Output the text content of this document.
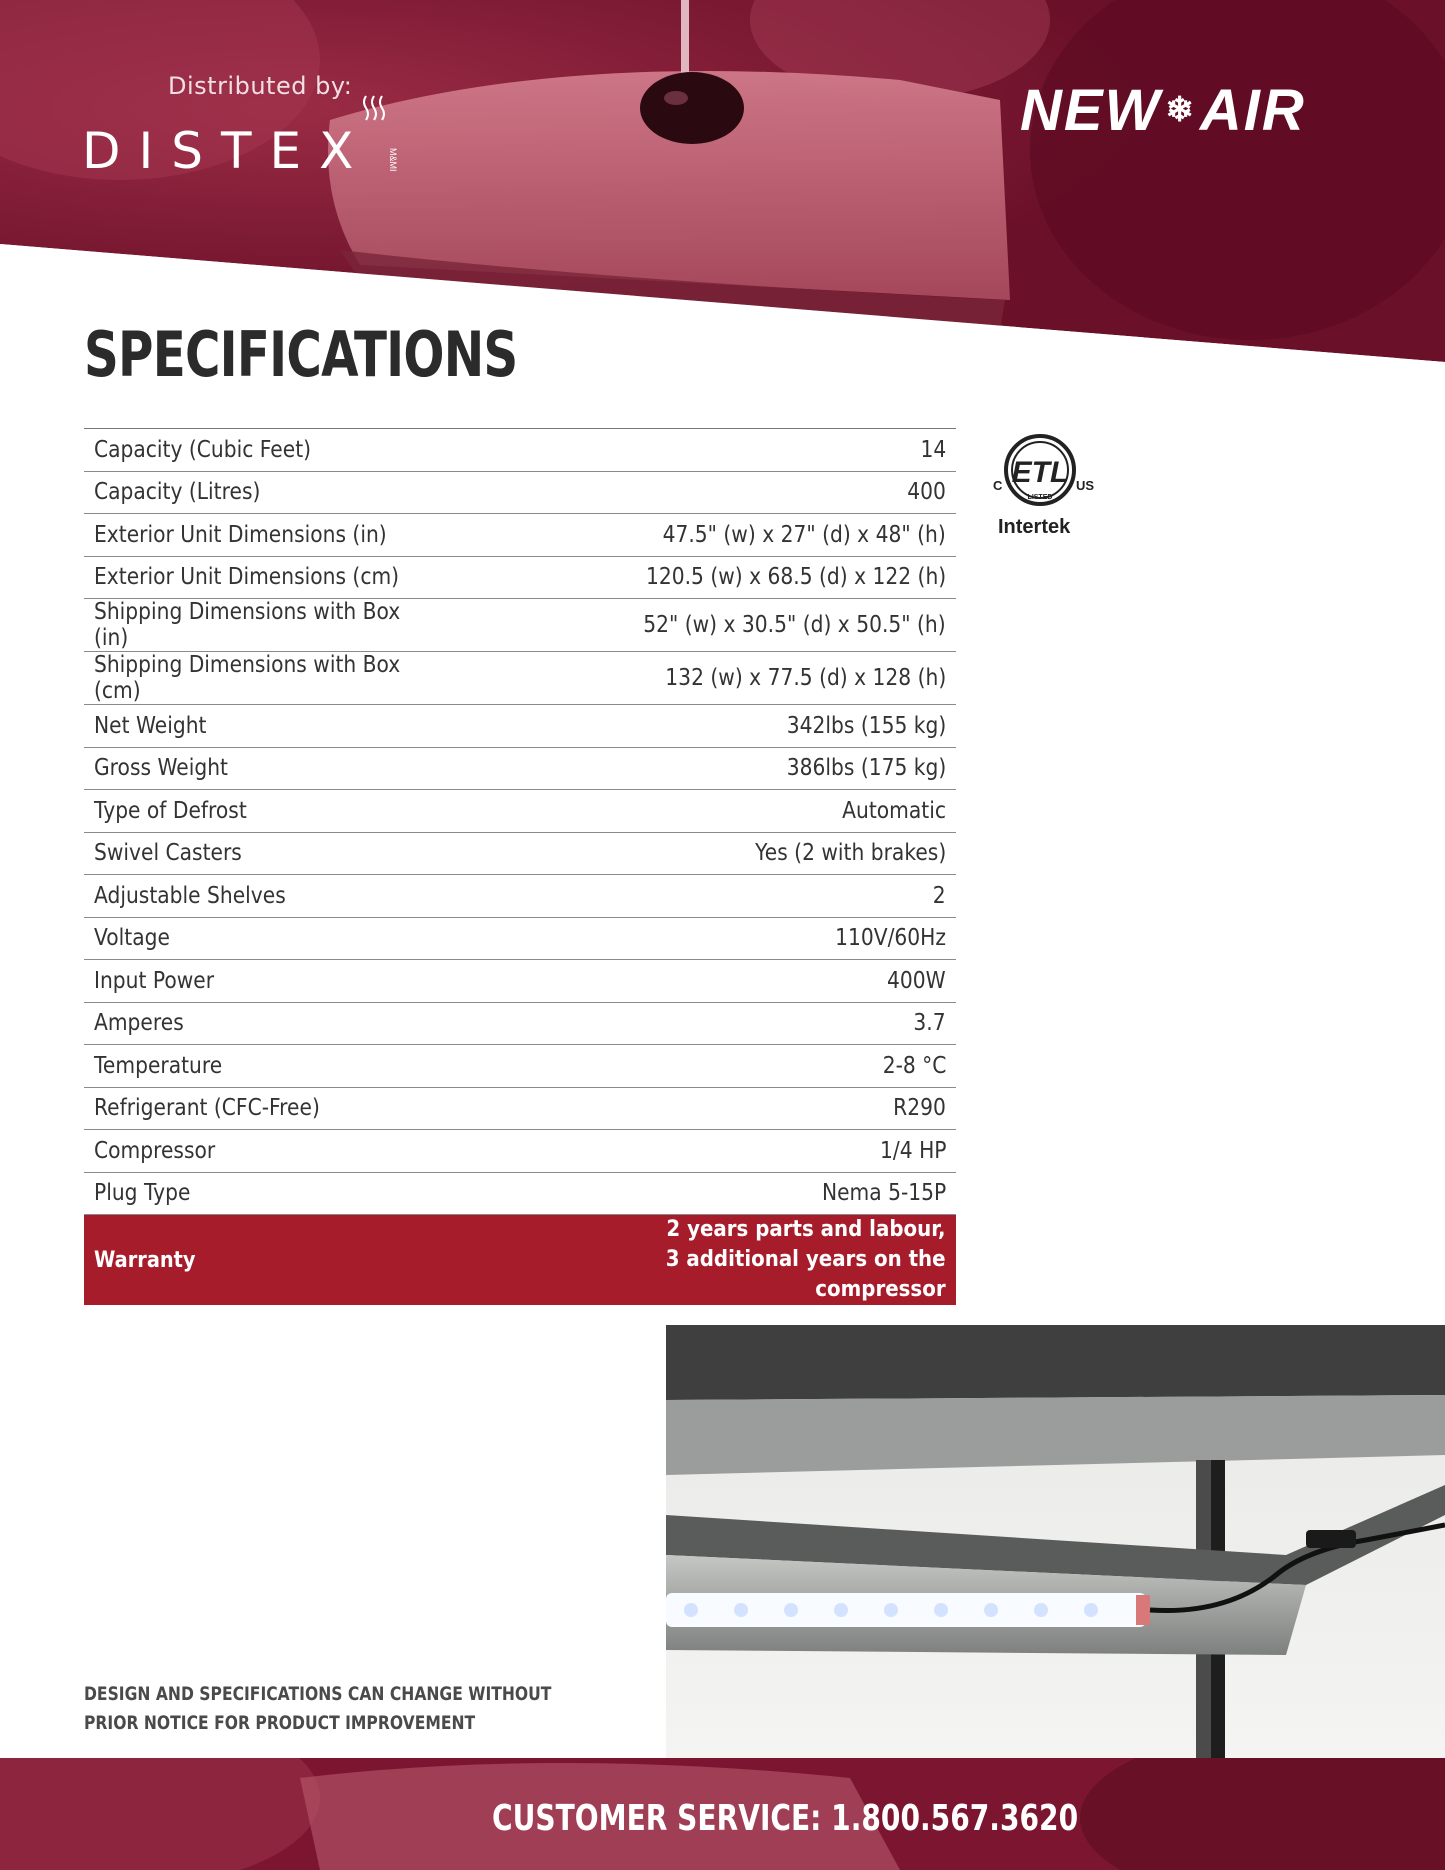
Distributed by:
DISTEX M&MI
NEW ❄ AIR
SPECIFICATIONS
Capacity (Cubic Feet)	14
Capacity (Litres)	400
Exterior Unit Dimensions (in)	47.5" (w) x 27" (d) x 48" (h)
Exterior Unit Dimensions (cm)	120.5 (w) x 68.5 (d) x 122 (h)
Shipping Dimensions with Box (in)	52" (w) x 30.5" (d) x 50.5" (h)
Shipping Dimensions with Box (cm)	132 (w) x 77.5 (d) x 128 (h)
Net Weight	342lbs (155 kg)
Gross Weight	386lbs (175 kg)
Type of Defrost	Automatic
Swivel Casters	Yes (2 with brakes)
Adjustable Shelves	2
Voltage	110V/60Hz
Input Power	400W
Amperes	3.7
Temperature	2-8 °C
Refrigerant (CFC-Free)	R290
Compressor	1/4 HP
Plug Type	Nema 5-15P
Warranty	2 years parts and labour,
3 additional years on the compressor
ETL
LISTED
C	US
Intertek
DESIGN AND SPECIFICATIONS CAN CHANGE WITHOUT PRIOR NOTICE FOR PRODUCT IMPROVEMENT
CUSTOMER SERVICE: 1.800.567.3620
